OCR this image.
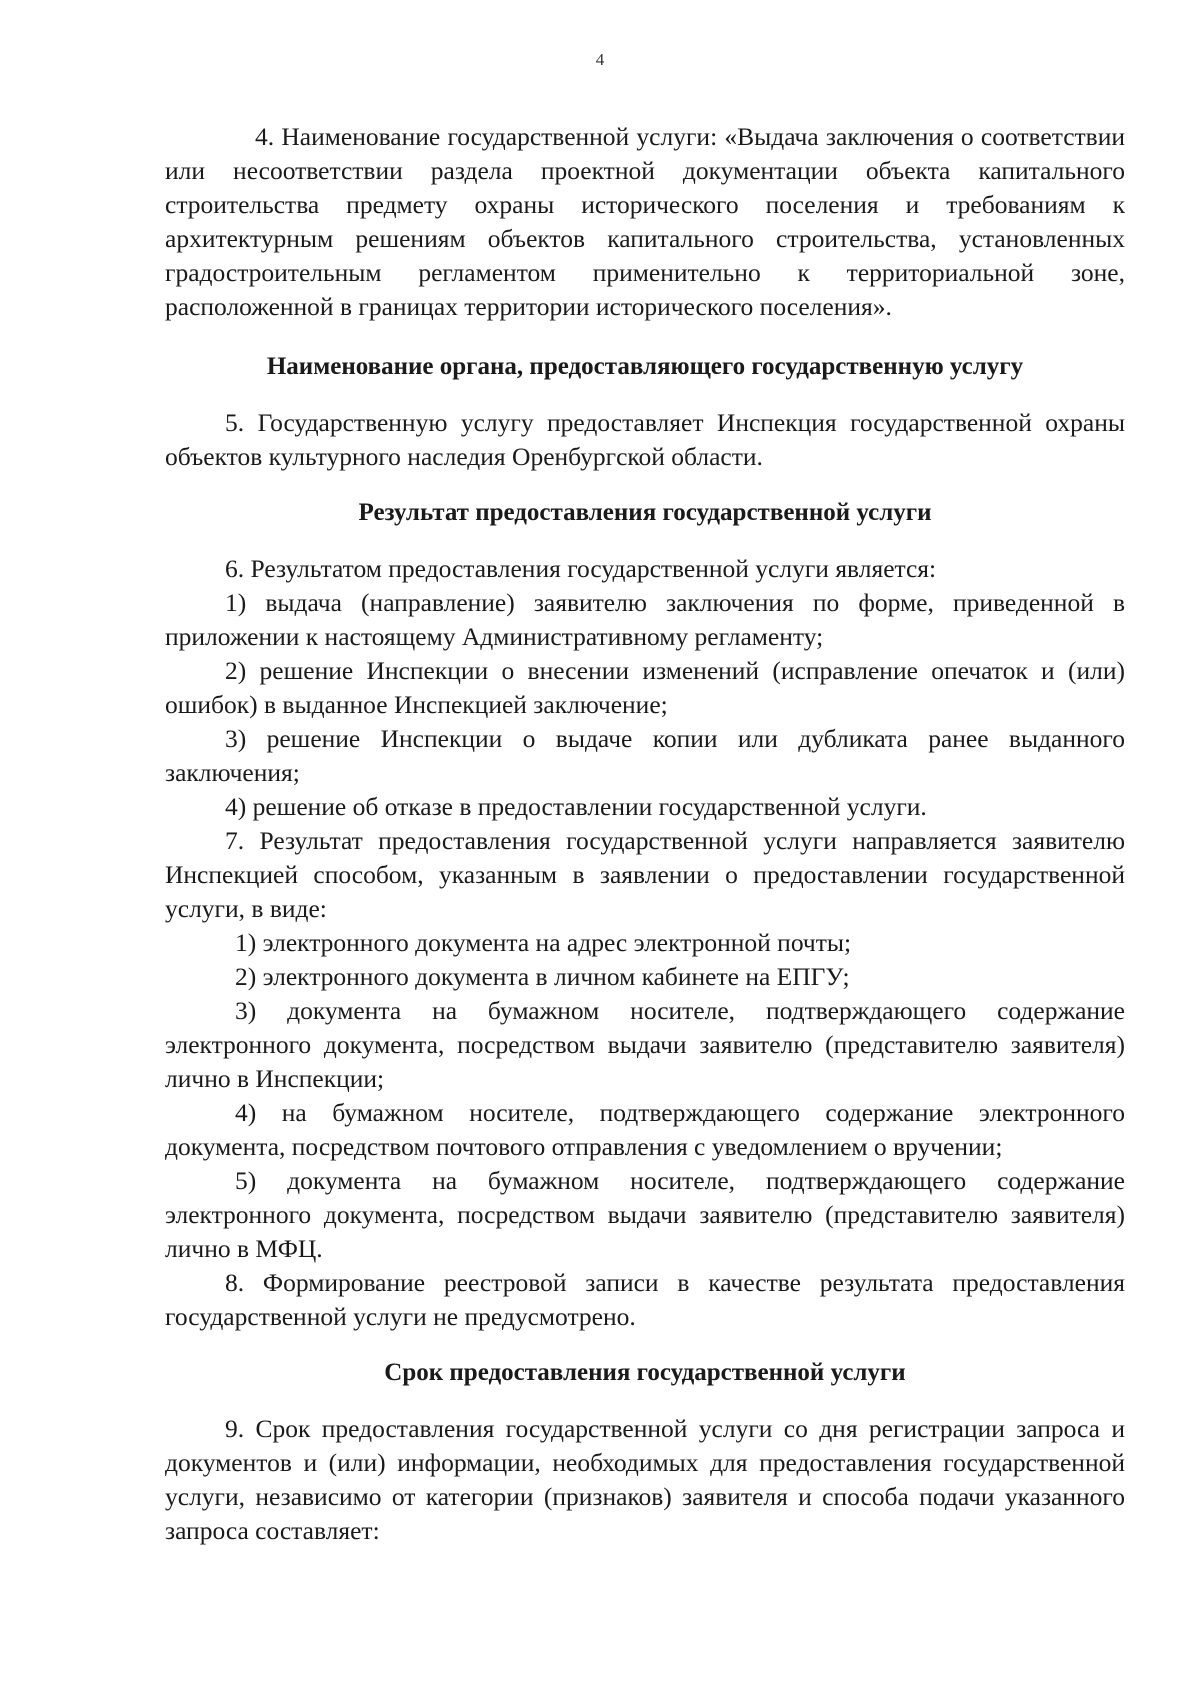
4

4. Наименование государственной услуги: «Выдача заключения о соответствии или несоответствии раздела проектной документации объекта капитального строительства предмету охраны исторического поселения и требованиям к архитектурным решениям объектов капитального строительства, установленных градостроительным регламентом применительно к территориальной зоне, расположенной в границах территории исторического поселения».

Наименование органа, предоставляющего государственную услугу

5. Государственную услугу предоставляет Инспекция государственной охраны объектов культурного наследия Оренбургской области.

Результат предоставления государственной услуги

6. Результатом предоставления государственной услуги является:

1) выдача (направление) заявителю заключения по форме, приведенной в приложении к настоящему Административному регламенту;

2) решение Инспекции о внесении изменений (исправление опечаток и (или) ошибок) в выданное Инспекцией заключение;

3) решение Инспекции о выдаче копии или дубликата ранее выданного заключения;

4) решение об отказе в предоставлении государственной услуги.

7. Результат предоставления государственной услуги направляется заявителю Инспекцией способом, указанным в заявлении о предоставлении государственной услуги, в виде:

1) электронного документа на адрес электронной почты;

2) электронного документа в личном кабинете на ЕПГУ;

3) документа на бумажном носителе, подтверждающего содержание электронного документа, посредством выдачи заявителю (представителю заявителя) лично в Инспекции;

4) на бумажном носителе, подтверждающего содержание электронного документа, посредством почтового отправления с уведомлением о вручении;

5) документа на бумажном носителе, подтверждающего содержание электронного документа, посредством выдачи заявителю (представителю заявителя) лично в МФЦ.

8. Формирование реестровой записи в качестве результата предоставления государственной услуги не предусмотрено.

Срок предоставления государственной услуги

9. Срок предоставления государственной услуги со дня регистрации запроса и документов и (или) информации, необходимых для предоставления государственной услуги, независимо от категории (признаков) заявителя и способа подачи указанного запроса составляет:
